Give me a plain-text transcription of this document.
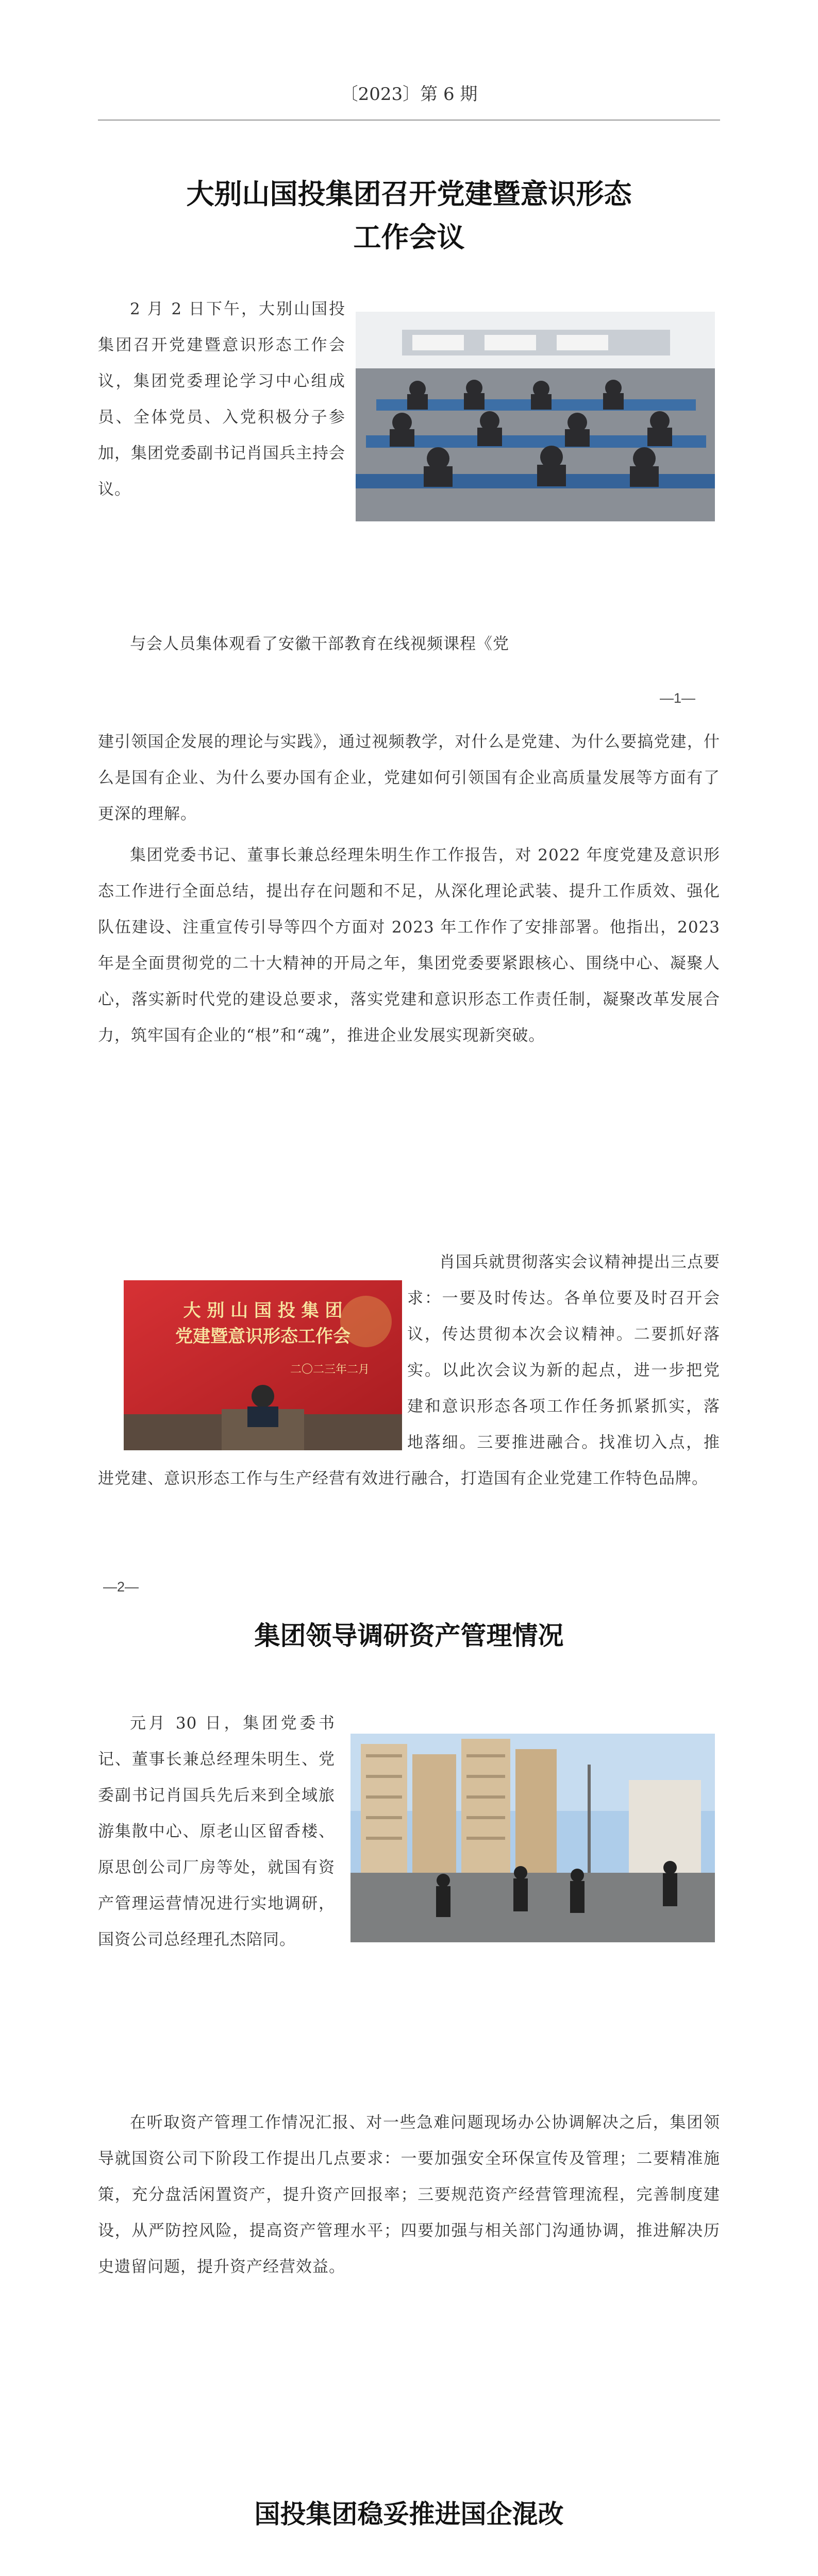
〔2023〕第 6 期
大别山国投集团召开党建暨意识形态
工作会议
2 月 2 日下午，大别山国投集团召开党建暨意识形态工作会议，集团党委理论学习中心组成员、全体党员、入党积极分子参加，集团党委副书记肖国兵主持会议。
与会人员集体观看了安徽干部教育在线视频课程《党
—1—
建引领国企发展的理论与实践》，通过视频教学，对什么是党建、为什么要搞党建，什么是国有企业、为什么要办国有企业，党建如何引领国有企业高质量发展等方面有了更深的理解。
集团党委书记、董事长兼总经理朱明生作工作报告，对 2022 年度党建及意识形态工作进行全面总结，提出存在问题和不足，从深化理论武装、提升工作质效、强化队伍建设、注重宣传引导等四个方面对 2023 年工作作了安排部署。他指出，2023 年是全面贯彻党的二十大精神的开局之年，集团党委要紧跟核心、围绕中心、凝聚人心，落实新时代党的建设总要求，落实党建和意识形态工作责任制，凝聚改革发展合力，筑牢国有企业的“根”和“魂”，推进企业发展实现新突破。
大 别 山 国 投 集 团
党建暨意识形态工作会
二〇二三年二月
肖国兵就贯彻落实会议精神提出三点要求：一要及时传达。各单位要及时召开会议，传达贯彻本次会议精神。二要抓好落实。以此次会议为新的起点，进一步把党建和意识形态各项工作任务抓紧抓实，落地落细。三要推进融合。找准切入点，推进党建、意识形态工作与生产经营有效进行融合，打造国有企业党建工作特色品牌。
—2—
集团领导调研资产管理情况
元月 30 日，集团党委书记、董事长兼总经理朱明生、党委副书记肖国兵先后来到全域旅游集散中心、原老山区留香楼、原思创公司厂房等处，就国有资产管理运营情况进行实地调研，国资公司总经理孔杰陪同。
在听取资产管理工作情况汇报、对一些急难问题现场办公协调解决之后，集团领导就国资公司下阶段工作提出几点要求：一要加强安全环保宣传及管理；二要精准施策，充分盘活闲置资产，提升资产回报率；三要规范资产经营管理流程，完善制度建设，从严防控风险，提高资产管理水平；四要加强与相关部门沟通协调，推进解决历史遗留问题，提升资产经营效益。
国投集团稳妥推进国企混改
